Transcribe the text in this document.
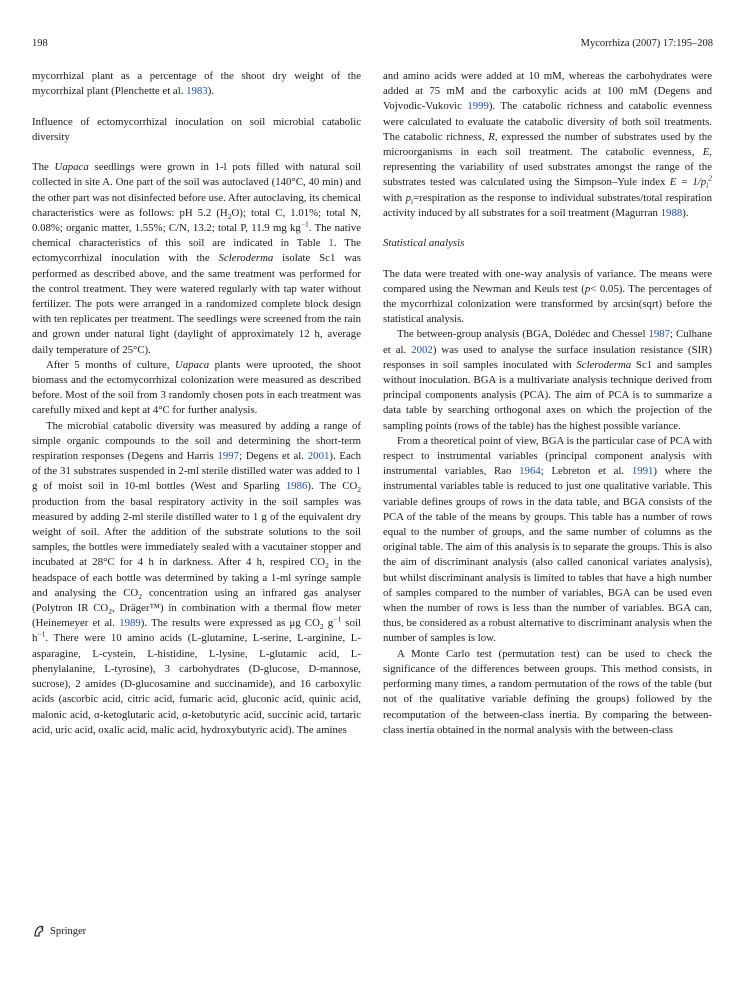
198	Mycorrhiza (2007) 17:195–208

mycorrhizal plant as a percentage of the shoot dry weight of the mycorrhizal plant (Plenchette et al. 1983).

Influence of ectomycorrhizal inoculation on soil microbial catabolic diversity

The Uapaca seedlings were grown in 1-l pots filled with natural soil collected in site A. One part of the soil was autoclaved (140°C, 40 min) and the other part was not disinfected before use. After autoclaving, its chemical characteristics were as follows: pH 5.2 $(H_2O)$; total C, 1.01%; total N, 0.08%; organic matter, 1.55%; C/N, 13.2; total P, 11.9 mg $kg^{-1}$. The native chemical characteristics of this soil are indicated in Table 1. The ectomycorrhizal inoculation with the Scleroderma isolate Sc1 was performed as described above, and the same treatment was performed for the control treatment. They were watered regularly with tap water without fertilizer. The pots were arranged in a randomized complete block design with ten replicates per treatment. The seedlings were screened from the rain and grown under natural light (daylight of approximately 12 h, average daily temperature of 25°C).

After 5 months of culture, Uapaca plants were uprooted, the shoot biomass and the ectomycorrhizal colonization were measured as described before. Most of the soil from 3 randomly chosen pots in each treatment was carefully mixed and kept at 4°C for further analysis.

The microbial catabolic diversity was measured by adding a range of simple organic compounds to the soil and determining the short-term respiration responses (Degens and Harris 1997; Degens et al. 2001). Each of the 31 substrates suspended in 2-ml sterile distilled water was added to 1 g of moist soil in 10-ml bottles (West and Sparling 1986). The $CO_2$ production from the basal respiratory activity in the soil samples was measured by adding 2-ml sterile distilled water to 1 g of the equivalent dry weight of soil. After the addition of the substrate solutions to the soil samples, the bottles were immediately sealed with a vacutainer stopper and incubated at 28°C for 4 h in darkness. After 4 h, respired $CO_2$ in the headspace of each bottle was determined by taking a 1-ml syringe sample and analysing the $CO_2$ concentration using an infrared gas analyser (Polytron IR $CO_2$, Dräger™) in combination with a thermal flow meter (Heinemeyer et al. 1989). The results were expressed as μg $CO_2$ $g^{-1}$ soil $h^{-1}$. There were 10 amino acids (L-glutamine, L-serine, L-arginine, L-asparagine, L-cystein, L-histidine, L-lysine, L-glutamic acid, L-phenylalanine, L-tyrosine), 3 carbohydrates (D-glucose, D-mannose, sucrose), 2 amides (D-glucosamine and succinamide), and 16 carboxylic acids (ascorbic acid, citric acid, fumaric acid, gluconic acid, quinic acid, malonic acid, α-ketoglutaric acid, α-ketobutyric acid, succinic acid, tartaric acid, uric acid, oxalic acid, malic acid, hydroxybutyric acid). The amines

and amino acids were added at 10 mM, whereas the carbohydrates were added at 75 mM and the carboxylic acids at 100 mM (Degens and Vojvodic-Vukovic 1999). The catabolic richness and catabolic evenness were calculated to evaluate the catabolic diversity of both soil treatments. The catabolic richness, R, expressed the number of substrates used by the microorganisms in each soil treatment. The catabolic evenness, E, representing the variability of used substrates amongst the range of the substrates tested was calculated using the Simpson–Yule index $E = 1/p_i^2$ with $p_i=respiration$ as the response to individual substrates/total respiration activity induced by all substrates for a soil treatment (Magurran 1988).

Statistical analysis

The data were treated with one-way analysis of variance. The means were compared using the Newman and Keuls test (p< 0.05). The percentages of the mycorrhizal colonization were transformed by arcsin(sqrt) before the statistical analysis.

The between-group analysis (BGA, Dolédec and Chessel 1987; Culhane et al. 2002) was used to analyse the surface insulation resistance (SIR) responses in soil samples inoculated with Scleroderma Sc1 and samples without inoculation. BGA is a multivariate analysis technique derived from principal components analysis (PCA). The aim of PCA is to summarize a data table by searching orthogonal axes on which the projection of the sampling points (rows of the table) has the highest possible variance.

From a theoretical point of view, BGA is the particular case of PCA with respect to instrumental variables (principal component analysis with instrumental variables, Rao 1964; Lebreton et al. 1991) where the instrumental variables table is reduced to just one qualitative variable. This variable defines groups of rows in the data table, and BGA consists of the PCA of the table of the means by groups. This table has a number of rows equal to the number of groups, and the same number of columns as the original table. The aim of this analysis is to separate the groups. This is also the aim of discriminant analysis (also called canonical variates analysis), but whilst discriminant analysis is limited to tables that have a high number of samples compared to the number of variables, BGA can be used even when the number of rows is less than the number of variables. BGA can, thus, be considered as a robust alternative to discriminant analysis when the number of samples is low.

A Monte Carlo test (permutation test) can be used to check the significance of the differences between groups. This method consists, in performing many times, a random permutation of the rows of the table (but not of the qualitative variable defining the groups) followed by the recomputation of the between-class inertia. By comparing the between-class inertia obtained in the normal analysis with the between-class

Springer
